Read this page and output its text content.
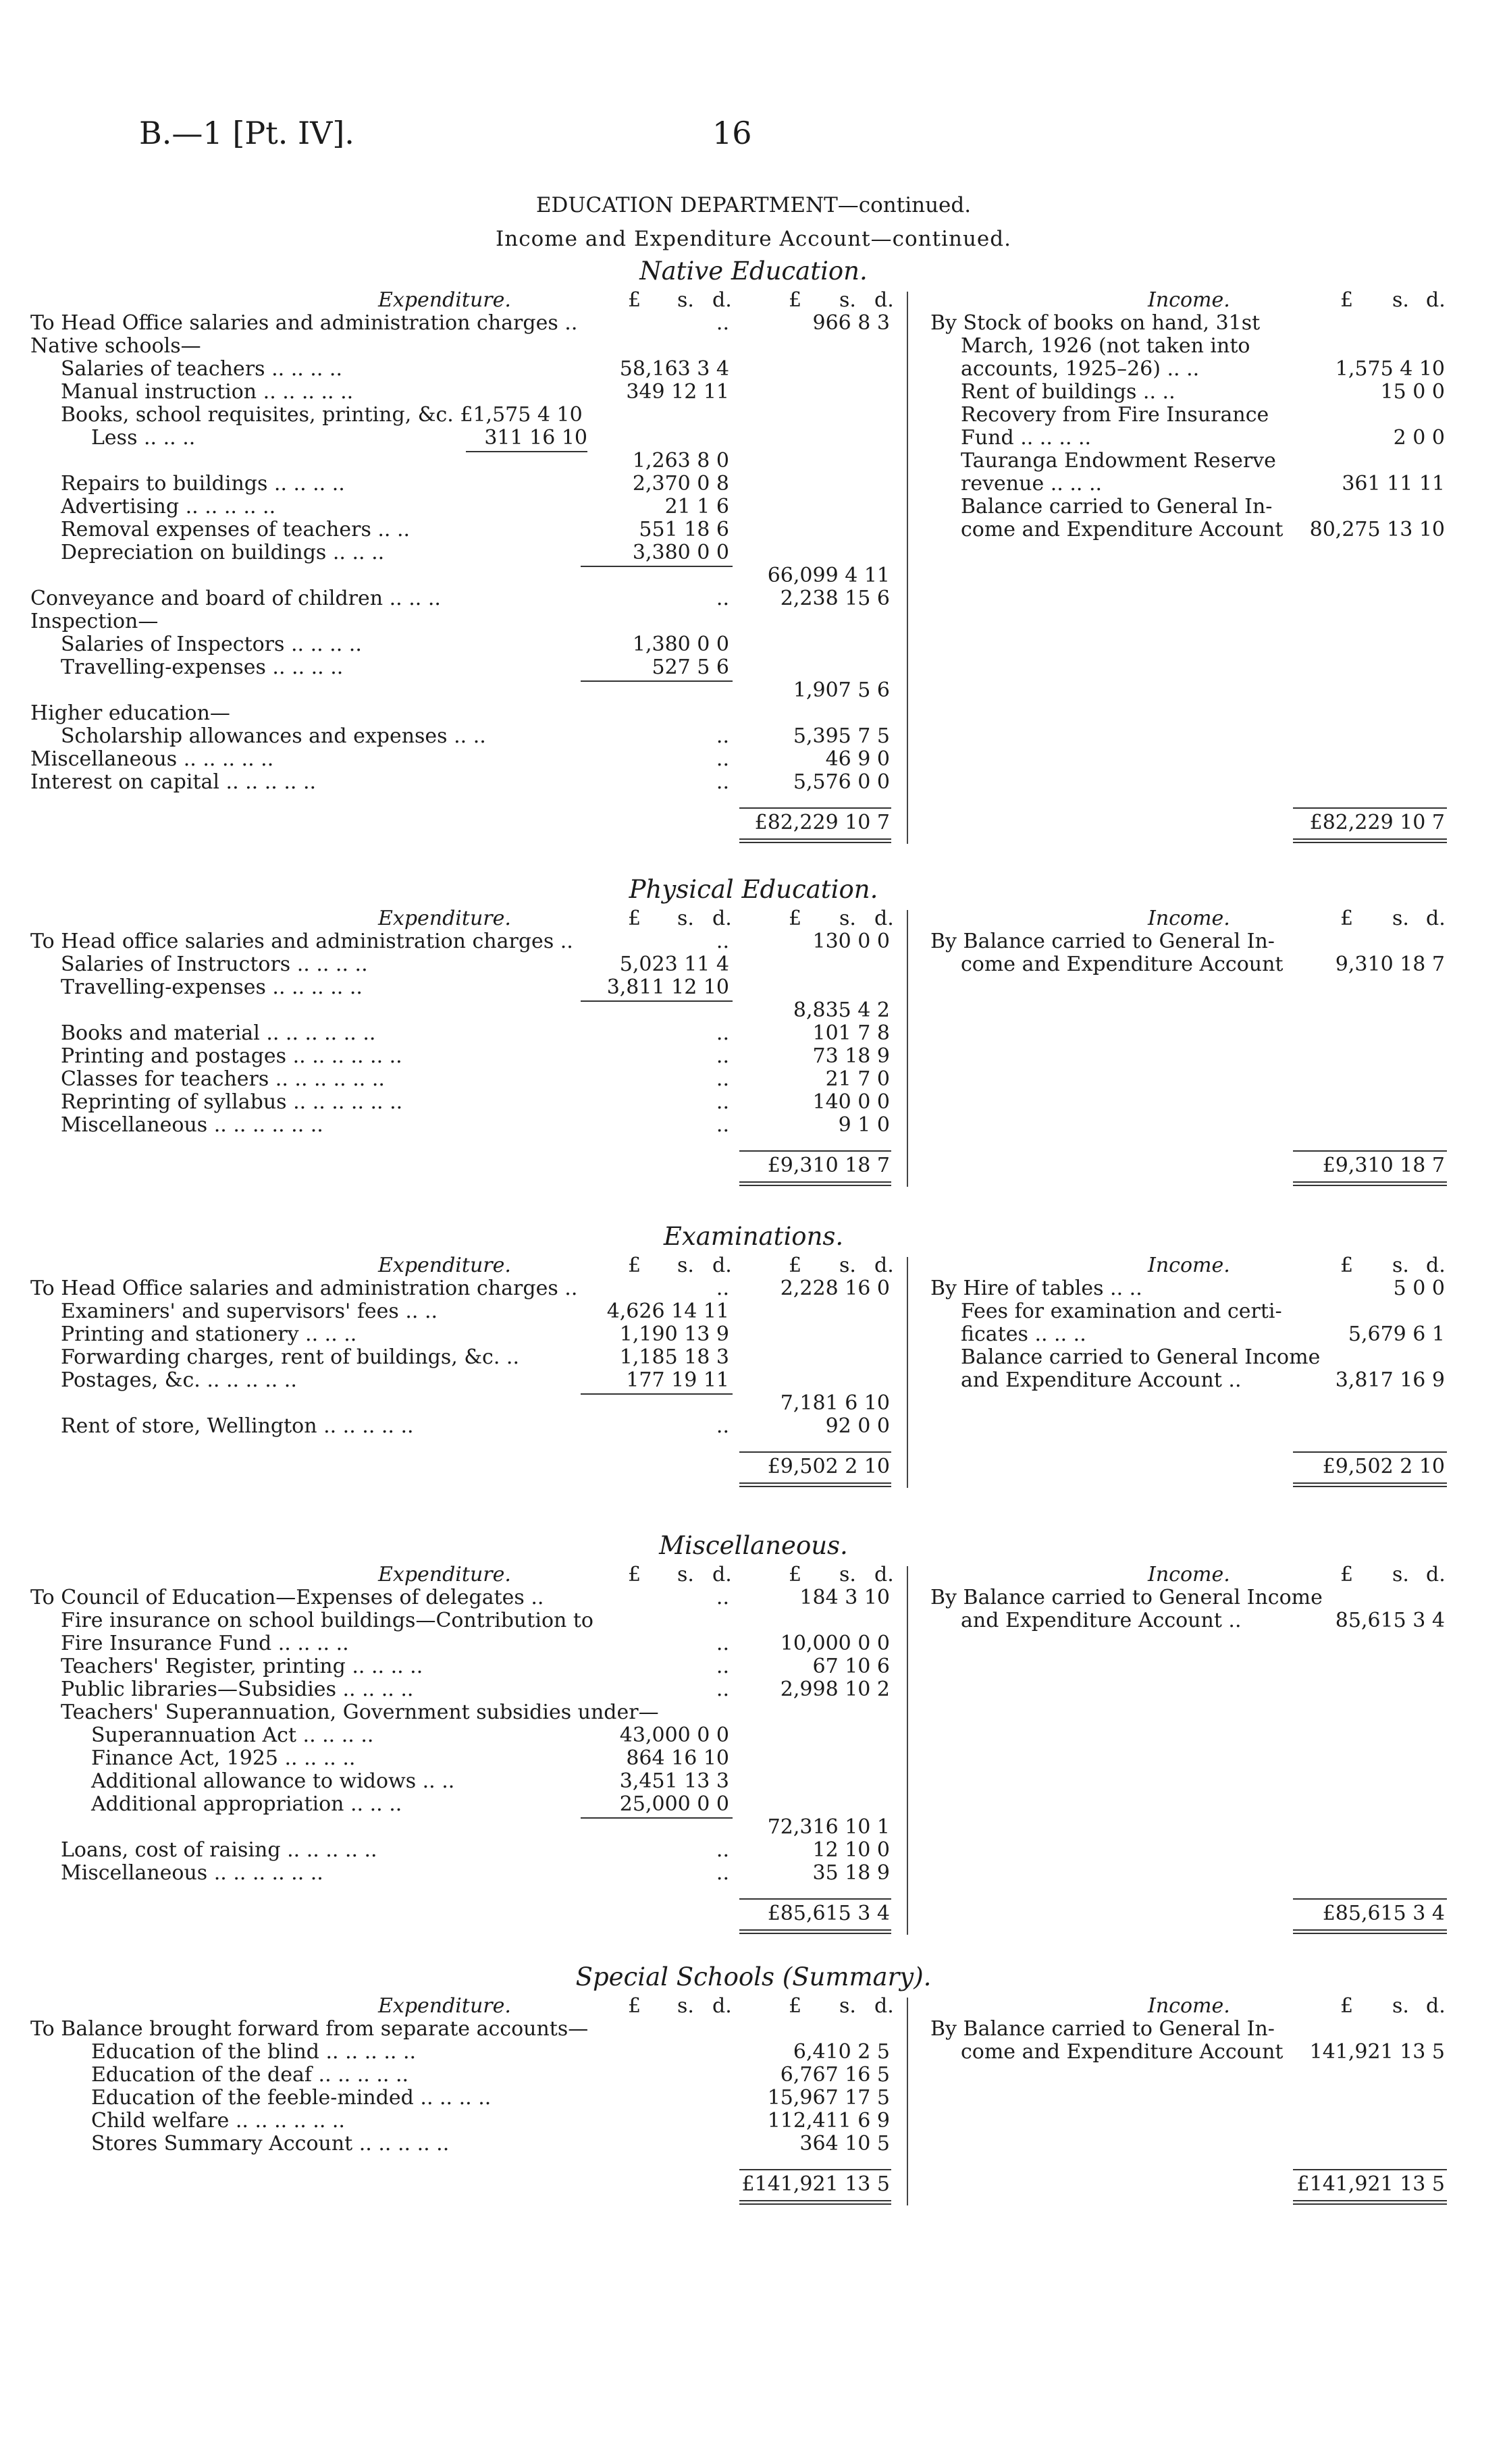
B.—1 [Pt. IV].	16
EDUCATION DEPARTMENT—continued.
Income and Expenditure Account—continued.
Native Education.
Expenditure.	£ s. d.	£ s. d.	Income.	£ s. d.
To Head Office salaries and administration charges ..	..	966 8 3
Native schools—
Salaries of teachers .. .. .. ..	58,163 3 4
Manual instruction .. .. .. .. ..	349 12 11
Books, school requisites, printing, &c. £1,575 4 10
Less .. .. ..	311 16 10
1,263 8 0
Repairs to buildings .. .. .. ..	2,370 0 8
Advertising .. .. .. .. ..	21 1 6
Removal expenses of teachers .. ..	551 18 6
Depreciation on buildings .. .. ..	3,380 0 0
66,099 4 11
Conveyance and board of children .. .. ..	..	2,238 15 6
Inspection—
Salaries of Inspectors .. .. .. ..	1,380 0 0
Travelling-expenses .. .. .. ..	527 5 6
1,907 5 6
Higher education—
Scholarship allowances and expenses .. ..	..	5,395 7 5
Miscellaneous .. .. .. .. ..	..	46 9 0
Interest on capital .. .. .. .. ..	..	5,576 0 0
By Stock of books on hand, 31st
March, 1926 (not taken into
accounts, 1925–26) .. ..	1,575 4 10
Rent of buildings .. ..	15 0 0
Recovery from Fire Insurance
Fund .. .. .. ..	2 0 0
Tauranga Endowment Reserve
revenue .. .. ..	361 11 11
Balance carried to General In-
come and Expenditure Account 80,275 13 10
£82,229 10 7	£82,229 10 7
Physical Education.
Expenditure.	£ s. d.	£ s. d.	Income.	£ s. d.
To Head office salaries and administration charges ..	..	130 0 0
Salaries of Instructors .. .. .. ..	5,023 11 4
Travelling-expenses .. .. .. .. ..	3,811 12 10
8,835 4 2
Books and material .. .. .. .. .. ..	..	101 7 8
Printing and postages .. .. .. .. .. ..	..	73 18 9
Classes for teachers .. .. .. .. .. ..	..	21 7 0
Reprinting of syllabus .. .. .. .. .. ..	..	140 0 0
Miscellaneous .. .. .. .. .. ..	..	9 1 0
By Balance carried to General In-
come and Expenditure Account	9,310 18 7
£9,310 18 7	£9,310 18 7
Examinations.
Expenditure.	£ s. d.	£ s. d.	Income.	£ s. d.
To Head Office salaries and administration charges ..	..	2,228 16 0
Examiners' and supervisors' fees .. ..	4,626 14 11
Printing and stationery .. .. ..	1,190 13 9
Forwarding charges, rent of buildings, &c. ..	1,185 18 3
Postages, &c. .. .. .. .. ..	177 19 11
7,181 6 10
Rent of store, Wellington .. .. .. .. ..	..	92 0 0
By Hire of tables .. ..	5 0 0
Fees for examination and certi-
ficates .. .. ..	5,679 6 1
Balance carried to General Income
and Expenditure Account ..	3,817 16 9
£9,502 2 10	£9,502 2 10
Miscellaneous.
Expenditure.	£ s. d.	£ s. d.	Income.	£ s. d.
To Council of Education—Expenses of delegates ..	..	184 3 10
Fire insurance on school buildings—Contribution to
Fire Insurance Fund .. .. .. ..	..	10,000 0 0
Teachers' Register, printing .. .. .. ..	..	67 10 6
Public libraries—Subsidies .. .. .. ..	..	2,998 10 2
Teachers' Superannuation, Government subsidies under—
Superannuation Act .. .. .. ..	43,000 0 0
Finance Act, 1925 .. .. .. ..	864 16 10
Additional allowance to widows .. ..	3,451 13 3
Additional appropriation .. .. ..	25,000 0 0
72,316 10 1
Loans, cost of raising .. .. .. .. ..	..	12 10 0
Miscellaneous .. .. .. .. .. ..	..	35 18 9
By Balance carried to General Income
and Expenditure Account ..	85,615 3 4
£85,615 3 4	£85,615 3 4
Special Schools (Summary).
Expenditure.	£ s. d.	£ s. d.	Income.	£ s. d.
To Balance brought forward from separate accounts—
Education of the blind .. .. .. .. ..	6,410 2 5
Education of the deaf .. .. .. .. ..	6,767 16 5
Education of the feeble-minded .. .. .. ..	15,967 17 5
Child welfare .. .. .. .. .. ..	112,411 6 9
Stores Summary Account .. .. .. .. ..	364 10 5
By Balance carried to General In-
come and Expenditure Account 141,921 13 5
£141,921 13 5	£141,921 13 5
